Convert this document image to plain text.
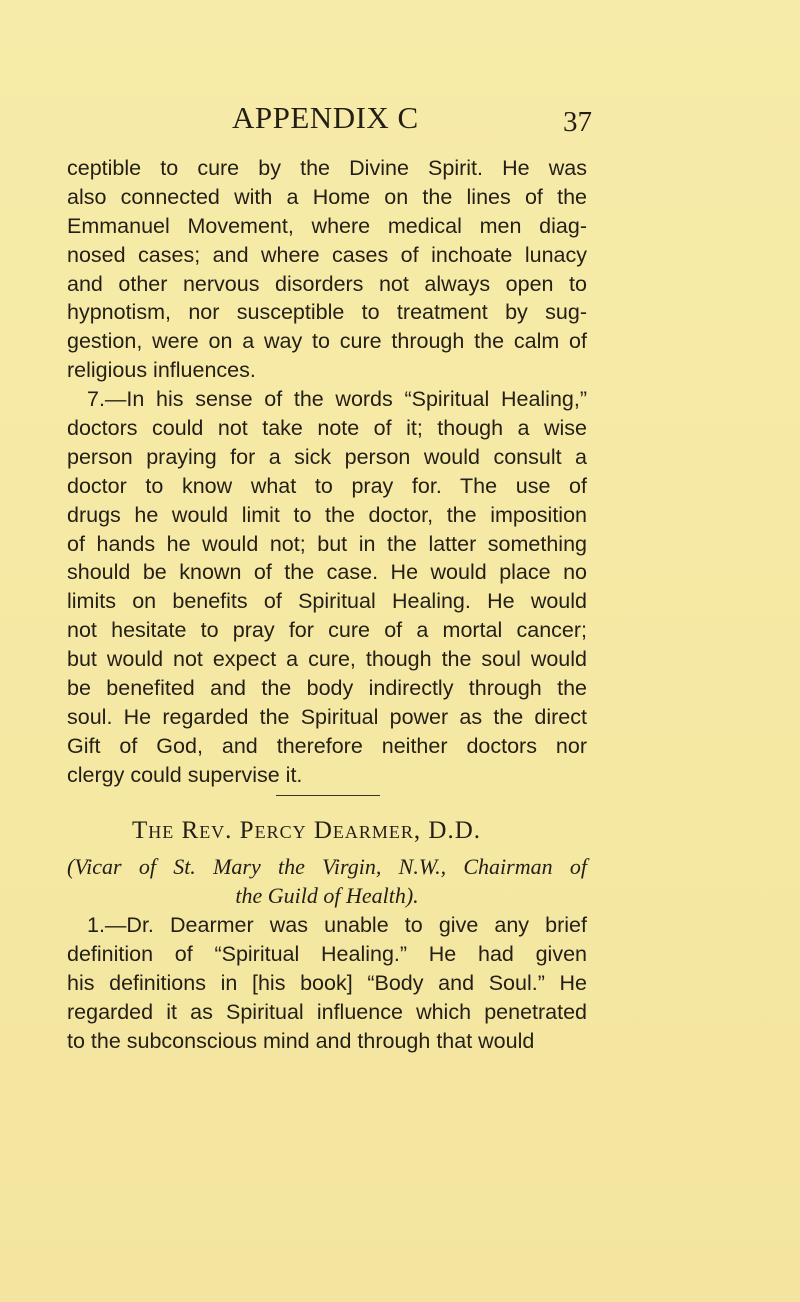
APPENDIX C	37
ceptible to cure by the Divine Spirit. He was
also connected with a Home on the lines of the
Emmanuel Movement, where medical men diag-
nosed cases; and where cases of inchoate lunacy
and other nervous disorders not always open to
hypnotism, nor susceptible to treatment by sug-
gestion, were on a way to cure through the calm of
religious influences.
7.—In his sense of the words “Spiritual Healing,”
doctors could not take note of it; though a wise
person praying for a sick person would consult a
doctor to know what to pray for. The use of
drugs he would limit to the doctor, the imposition
of hands he would not; but in the latter something
should be known of the case. He would place no
limits on benefits of Spiritual Healing. He would
not hesitate to pray for cure of a mortal cancer;
but would not expect a cure, though the soul would
be benefited and the body indirectly through the
soul. He regarded the Spiritual power as the direct
Gift of God, and therefore neither doctors nor
clergy could supervise it.
The Rev. Percy Dearmer, D.D.
(Vicar of St. Mary the Virgin, N.W., Chairman of
the Guild of Health).
1.—Dr. Dearmer was unable to give any brief
definition of “Spiritual Healing.” He had given
his definitions in [his book] “Body and Soul.” He
regarded it as Spiritual influence which penetrated
to the subconscious mind and through that would
